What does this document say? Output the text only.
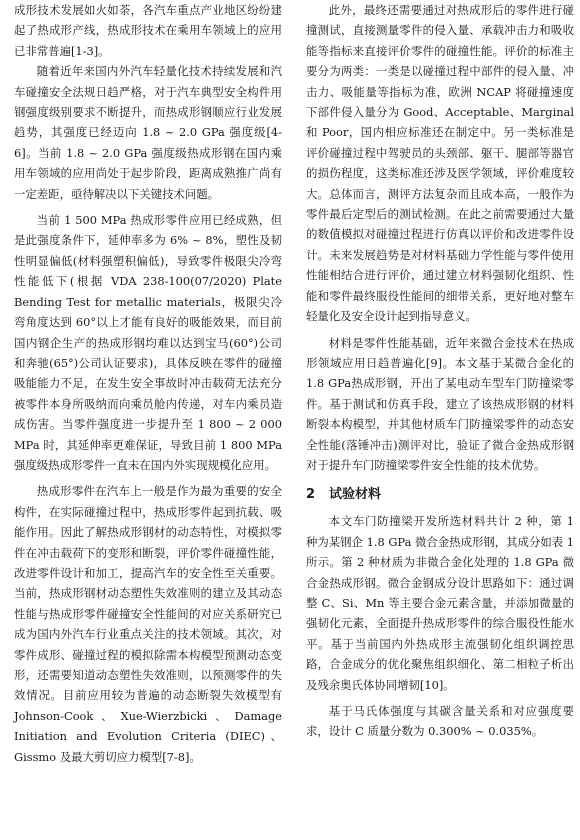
成形技术发展如火如荼，各汽车重点产业地区纷纷建起了热成形产线，热成形技术在乘用车领域上的应用已非常普遍[1-3]。

随着近年来国内外汽车轻量化技术持续发展和汽车碰撞安全法规日趋严格，对于汽车典型安全构件用钢强度级别要求不断提升，而热成形钢顺应行业发展趋势，其强度已经迈向 1.8 ~ 2.0 GPa 强度级[4-6]。当前 1.8 ~ 2.0 GPa 强度级热成形钢在国内乘用车领域的应用尚处于起步阶段，距离成熟推广尚有一定差距，亟待解决以下关键技术问题。

当前 1 500 MPa 热成形零件应用已经成熟，但是此强度条件下，延伸率多为 6% ~ 8%，塑性及韧性明显偏低(材料强塑积偏低)，导致零件极限尖冷弯性能低下(根据 VDA 238-100(07/2020) Plate Bending Test for metallic materials，极限尖冷弯角度达到 60°以上才能有良好的吸能效果，而目前国内钢企生产的热成形钢均难以达到宝马(60°)公司和奔驰(65°)公司认证要求)，具体反映在零件的碰撞吸能能力不足，在发生安全事故时冲击载荷无法充分被零件本身所吸纳而向乘员舱内传递，对车内乘员造成伤害。当零件强度进一步提升至 1 800 ~ 2 000 MPa 时，其延伸率更难保证，导致目前 1 800 MPa强度级热成形零件一直未在国内外实现规模化应用。

热成形零件在汽车上一般是作为最为重要的安全构件，在实际碰撞过程中，热成形零件起到抗载、吸能作用。因此了解热成形钢材的动态特性，对模拟零件在冲击载荷下的变形和断裂，评价零件碰撞性能，改进零件设计和加工，提高汽车的安全性至关重要。当前，热成形钢材动态塑性失效准则的建立及其动态性能与热成形零件碰撞安全性能间的对应关系研究已成为国内外汽车行业重点关注的技术领域。其次，对零件成形、碰撞过程的模拟除需本构模型预测动态变形，还需要知道动态塑性失效准则，以预测零件的失效情况。目前应用较为普遍的动态断裂失效模型有 Johnson-Cook、Xue-Wierzbicki、Damage Initiation and Evolution Criteria (DIEC)、Gissmo 及最大剪切应力模型[7-8]。

此外，最终还需要通过对热成形后的零件进行碰撞测试，直接测量零件的侵入量、承载冲击力和吸收能等指标来直接评价零件的碰撞性能。评价的标准主要分为两类：一类是以碰撞过程中部件的侵入量、冲击力、吸能量等指标为准，欧洲 NCAP 将碰撞速度下部件侵入量分为 Good、Acceptable、Marginal 和 Poor，国内相应标准还在制定中。另一类标准是评价碰撞过程中驾驶员的头颈部、躯干、腿部等器官的损伤程度，这类标准还涉及医学领域，评价难度较大。总体而言，测评方法复杂而且成本高，一般作为零件最后定型后的测试检测。在此之前需要通过大量的数值模拟对碰撞过程进行仿真以评价和改进零件设计。未来发展趋势是对材料基础力学性能与零件使用性能相结合进行评价，通过建立材料强韧化组织、性能和零件最终服役性能间的细带关系，更好地对整车轻量化及安全设计起到指导意义。

材料是零件性能基础，近年来微合金技术在热成形领域应用日趋普遍化[9]。本文基于某微合金化的 1.8 GPa热成形钢，开出了某电动车型车门防撞梁零件。基于测试和仿真手段，建立了该热成形钢的材料断裂本构模型，并其他材质车门防撞梁零件的动态安全性能(落锤冲击)测评对比，验证了微合金热成形钢对于提升车门防撞梁零件安全性能的技术优势。

2 试验材料

本文车门防撞梁开发所选材料共计 2 种，第 1 种为某钢企 1.8 GPa 微合金热成形钢，其成分如表 1 所示。第 2 种材质为非微合金化处理的 1.8 GPa 微合金热成形钢。微合金钢成分设计思路如下：通过调整 C、Si、Mn 等主要合金元素含量，并添加微量的强韧化元素，全面提升热成形零件的综合服役性能水平。基于当前国内外热成形主流强韧化组织调控思路，合金成分的优化聚焦组织细化、第二相粒子析出及残余奥氏体协同增韧[10]。

基于马氏体强度与其碳含量关系和对应强度要求，设计 C 质量分数为 0.300% ~ 0.035%。
